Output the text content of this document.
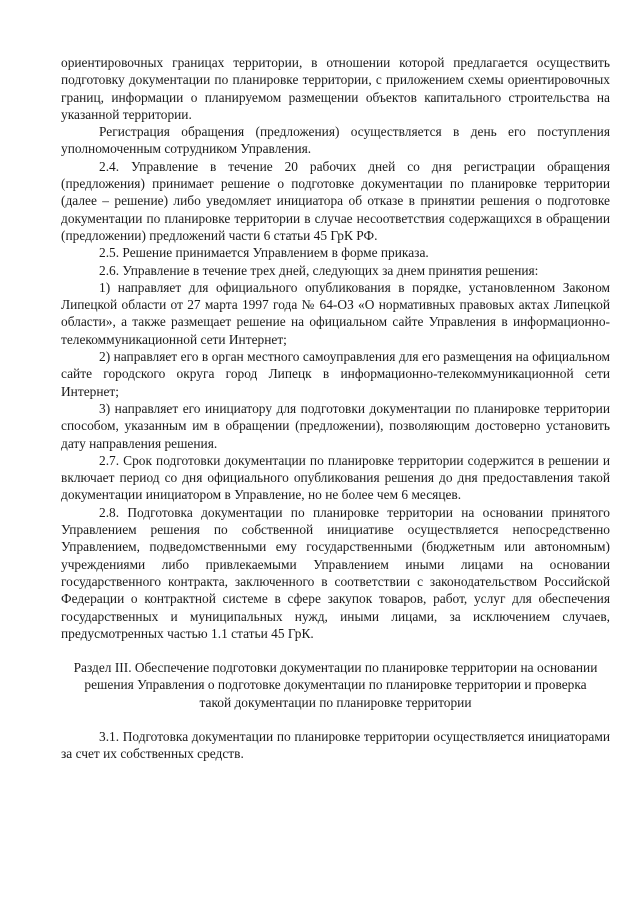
ориентировочных границах территории, в отношении которой предлагается осуществить подготовку документации по планировке территории, с приложением схемы ориентировочных границ, информации о планируемом размещении объектов капитального строительства на указанной территории.

Регистрация обращения (предложения) осуществляется в день его поступления уполномоченным сотрудником Управления.

2.4. Управление в течение 20 рабочих дней со дня регистрации обращения (предложения) принимает решение о подготовке документации по планировке территории (далее – решение) либо уведомляет инициатора об отказе в принятии решения о подготовке документации по планировке территории в случае несоответствия содержащихся в обращении (предложении) предложений части 6 статьи 45 ГрК РФ.

2.5. Решение принимается Управлением в форме приказа.

2.6. Управление в течение трех дней, следующих за днем принятия решения:

1) направляет для официального опубликования в порядке, установленном Законом Липецкой области от 27 марта 1997 года № 64-ОЗ «О нормативных правовых актах Липецкой области», а также размещает решение на официальном сайте Управления в информационно-телекоммуникационной сети Интернет;

2) направляет его в орган местного самоуправления для его размещения на официальном сайте городского округа город Липецк в информационно-телекоммуникационной сети Интернет;

3) направляет его инициатору для подготовки документации по планировке территории способом, указанным им в обращении (предложении), позволяющим достоверно установить дату направления решения.

2.7. Срок подготовки документации по планировке территории содержится в решении и включает период со дня официального опубликования решения до дня предоставления такой документации инициатором в Управление, но не более чем 6 месяцев.

2.8. Подготовка документации по планировке территории на основании принятого Управлением решения по собственной инициативе осуществляется непосредственно Управлением, подведомственными ему государственными (бюджетным или автономным) учреждениями либо привлекаемыми Управлением иными лицами на основании государственного контракта, заключенного в соответствии с законодательством Российской Федерации о контрактной системе в сфере закупок товаров, работ, услуг для обеспечения государственных и муниципальных нужд, иными лицами, за исключением случаев, предусмотренных частью 1.1 статьи 45 ГрК.

Раздел III. Обеспечение подготовки документации по планировке территории на основании решения Управления о подготовке документации по планировке территории и проверка такой документации по планировке территории

3.1. Подготовка документации по планировке территории осуществляется инициаторами за счет их собственных средств.
